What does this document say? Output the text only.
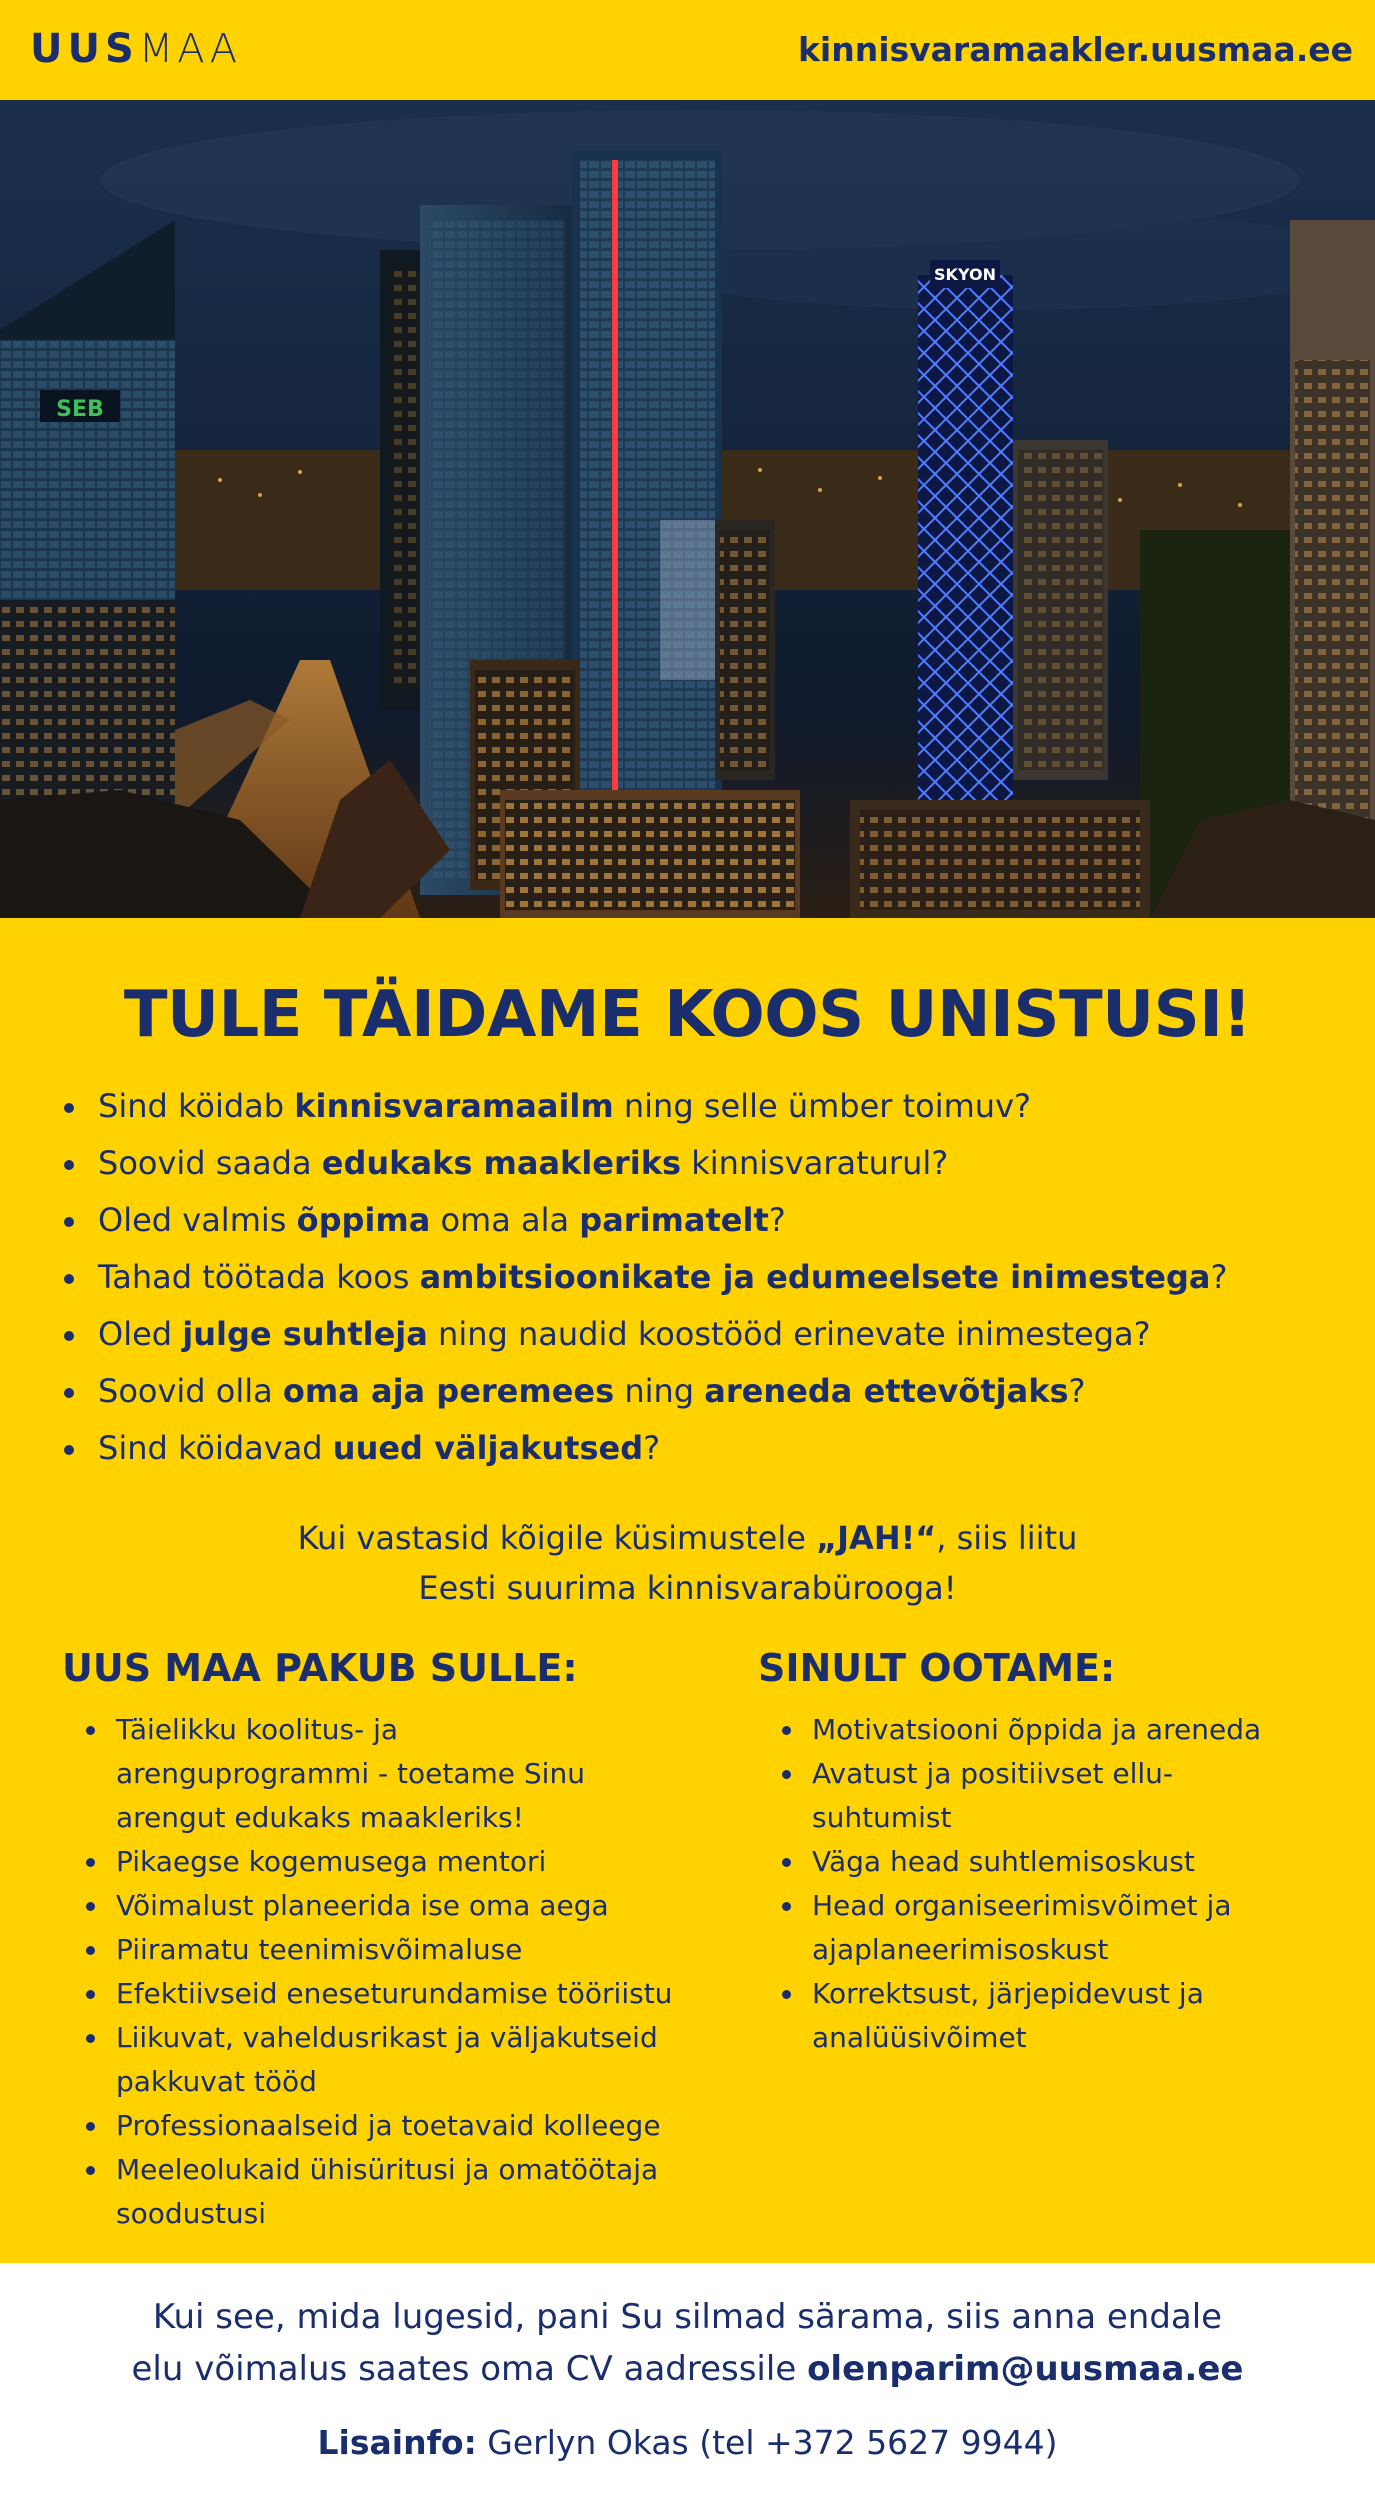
UUSMAA	kinnisvaramaakler.uusmaa.ee
SEB
SKYON
TULE TÄIDAME KOOS UNISTUSI!
Sind köidab kinnisvaramaailm ning selle ümber toimuv?
Soovid saada edukaks maakleriks kinnisvaraturul?
Oled valmis õppima oma ala parimatelt?
Tahad töötada koos ambitsioonikate ja edumeelsete inimestega?
Oled julge suhtleja ning naudid koostööd erinevate inimestega?
Soovid olla oma aja peremees ning areneda ettevõtjaks?
Sind köidavad uued väljakutsed?
Kui vastasid kõigile küsimustele „JAH!“, siis liitu
Eesti suurima kinnisvarabürooga!
UUS MAA PAKUB SULLE:
Täielikku koolitus- ja arenguprogrammi - toetame Sinu arengut edukaks maakleriks!
Pikaegse kogemusega mentori
Võimalust planeerida ise oma aega
Piiramatu teenimisvõimaluse
Efektiivseid eneseturundamise tööriistu
Liikuvat, vaheldusrikast ja väljakutseid pakkuvat tööd
Professionaalseid ja toetavaid kolleege
Meeleolukaid ühisüritusi ja omatöötaja soodustusi
SINULT OOTAME:
Motivatsiooni õppida ja areneda
Avatust ja positiivset ellu-suhtumist
Väga head suhtlemisoskust
Head organiseerimisvõimet ja ajaplaneerimisoskust
Korrektsust, järjepidevust ja analüüsivõimet
Kui see, mida lugesid, pani Su silmad särama, siis anna endale
elu võimalus saates oma CV aadressile olenparim@uusmaa.ee
Lisainfo: Gerlyn Okas (tel +372 5627 9944)
